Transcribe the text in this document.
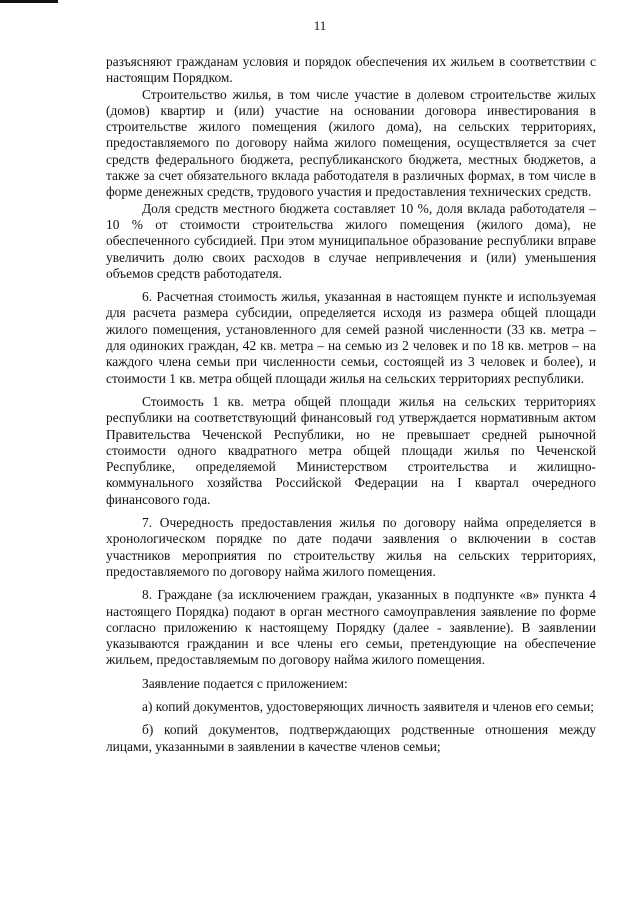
11

разъясняют гражданам условия и порядок обеспечения их жильем в соответствии с настоящим Порядком.

Строительство жилья, в том числе участие в долевом строительстве жилых (домов) квартир и (или) участие на основании договора инвестирования в строительстве жилого помещения (жилого дома), на сельских территориях, предоставляемого по договору найма жилого помещения, осуществляется за счет средств федерального бюджета, республиканского бюджета, местных бюджетов, а также за счет обязательного вклада работодателя в различных формах, в том числе в форме денежных средств, трудового участия и предоставления технических средств.

Доля средств местного бюджета составляет 10 %, доля вклада работодателя – 10 % от стоимости строительства жилого помещения (жилого дома), не обеспеченного субсидией. При этом муниципальное образование республики вправе увеличить долю своих расходов в случае непривлечения и (или) уменьшения объемов средств работодателя.

6. Расчетная стоимость жилья, указанная в настоящем пункте и используемая для расчета размера субсидии, определяется исходя из размера общей площади жилого помещения, установленного для семей разной численности (33 кв. метра – для одиноких граждан, 42 кв. метра – на семью из 2 человек и по 18 кв. метров – на каждого члена семьи при численности семьи, состоящей из 3 человек и более), и стоимости 1 кв. метра общей площади жилья на сельских территориях республики.

Стоимость 1 кв. метра общей площади жилья на сельских территориях республики на соответствующий финансовый год утверждается нормативным актом Правительства Чеченской Республики, но не превышает средней рыночной стоимости одного квадратного метра общей площади жилья по Чеченской Республике, определяемой Министерством строительства и жилищно-коммунального хозяйства Российской Федерации на I квартал очередного финансового года.

7. Очередность предоставления жилья по договору найма определяется в хронологическом порядке по дате подачи заявления о включении в состав участников мероприятия по строительству жилья на сельских территориях, предоставляемого по договору найма жилого помещения.

8. Граждане (за исключением граждан, указанных в подпункте «в» пункта 4 настоящего Порядка) подают в орган местного самоуправления заявление по форме согласно приложению к настоящему Порядку (далее - заявление). В заявлении указываются гражданин и все члены его семьи, претендующие на обеспечение жильем, предоставляемым по договору найма жилого помещения.

Заявление подается с приложением:

а) копий документов, удостоверяющих личность заявителя и членов его семьи;

б) копий документов, подтверждающих родственные отношения между лицами, указанными в заявлении в качестве членов семьи;
